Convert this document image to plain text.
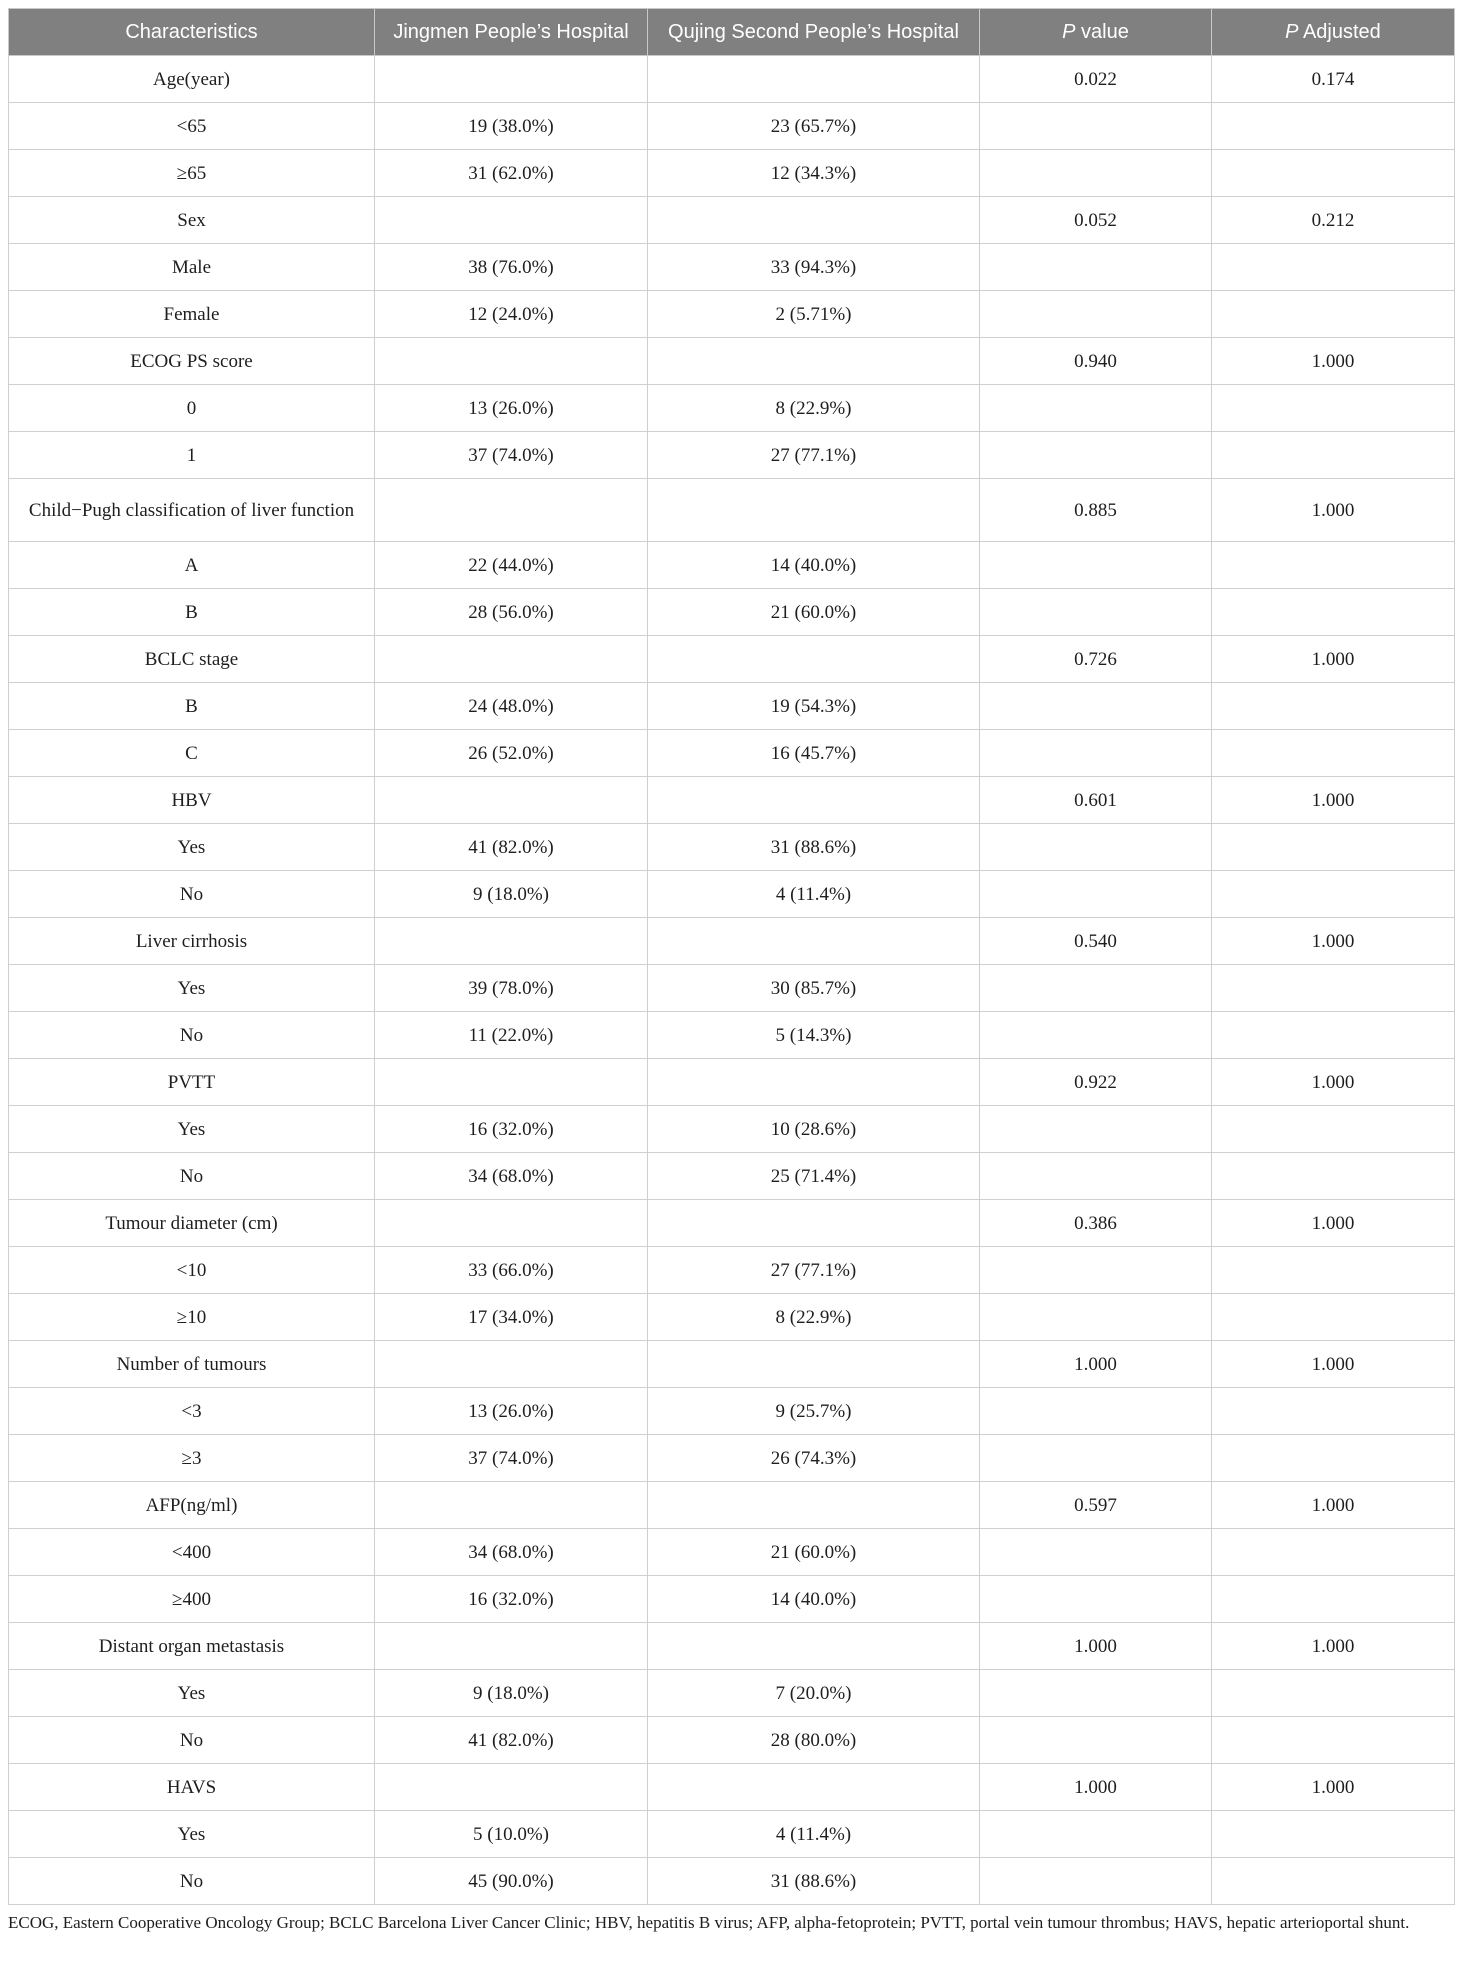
Characteristics	Jingmen People’s Hospital	Qujing Second People’s Hospital	P value	P Adjusted
Age(year)			0.022	0.174
<65	19 (38.0%)	23 (65.7%)		
≥65	31 (62.0%)	12 (34.3%)		
Sex			0.052	0.212
Male	38 (76.0%)	33 (94.3%)		
Female	12 (24.0%)	2 (5.71%)		
ECOG PS score			0.940	1.000
0	13 (26.0%)	8 (22.9%)		
1	37 (74.0%)	27 (77.1%)		
Child−Pugh classification of liver function			0.885	1.000
A	22 (44.0%)	14 (40.0%)		
B	28 (56.0%)	21 (60.0%)		
BCLC stage			0.726	1.000
B	24 (48.0%)	19 (54.3%)		
C	26 (52.0%)	16 (45.7%)		
HBV			0.601	1.000
Yes	41 (82.0%)	31 (88.6%)		
No	9 (18.0%)	4 (11.4%)		
Liver cirrhosis			0.540	1.000
Yes	39 (78.0%)	30 (85.7%)		
No	11 (22.0%)	5 (14.3%)		
PVTT			0.922	1.000
Yes	16 (32.0%)	10 (28.6%)		
No	34 (68.0%)	25 (71.4%)		
Tumour diameter (cm)			0.386	1.000
<10	33 (66.0%)	27 (77.1%)		
≥10	17 (34.0%)	8 (22.9%)		
Number of tumours			1.000	1.000
<3	13 (26.0%)	9 (25.7%)		
≥3	37 (74.0%)	26 (74.3%)		
AFP(ng/ml)			0.597	1.000
<400	34 (68.0%)	21 (60.0%)		
≥400	16 (32.0%)	14 (40.0%)		
Distant organ metastasis			1.000	1.000
Yes	9 (18.0%)	7 (20.0%)		
No	41 (82.0%)	28 (80.0%)		
HAVS			1.000	1.000
Yes	5 (10.0%)	4 (11.4%)		
No	45 (90.0%)	31 (88.6%)		
ECOG, Eastern Cooperative Oncology Group; BCLC Barcelona Liver Cancer Clinic; HBV, hepatitis B virus; AFP, alpha-fetoprotein; PVTT, portal vein tumour thrombus; HAVS, hepatic arterioportal shunt.
